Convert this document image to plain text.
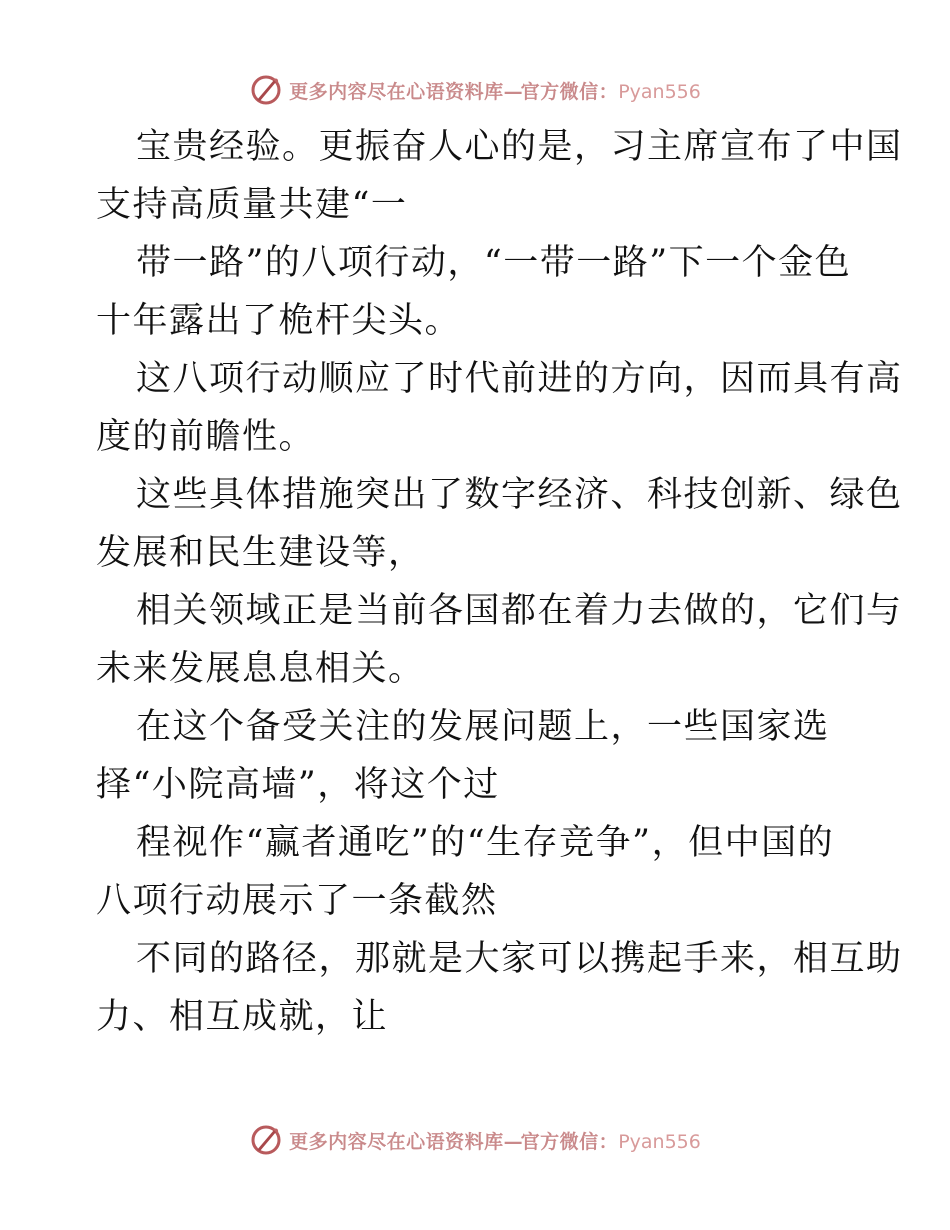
更多内容尽在心语资料库—官方微信：Pyan556
宝贵经验。更振奋人心的是，习主席宣布了中国
支持高质量共建“一
带一路”的八项行动，“一带一路”下一个金色
十年露出了桅杆尖头。
这八项行动顺应了时代前进的方向，因而具有高
度的前瞻性。
这些具体措施突出了数字经济、科技创新、绿色
发展和民生建设等，
相关领域正是当前各国都在着力去做的，它们与
未来发展息息相关。
在这个备受关注的发展问题上，一些国家选
择“小院高墙”，将这个过
程视作“赢者通吃”的“生存竞争”，但中国的
八项行动展示了一条截然
不同的路径，那就是大家可以携起手来，相互助
力、相互成就，让
更多内容尽在心语资料库—官方微信：Pyan556
